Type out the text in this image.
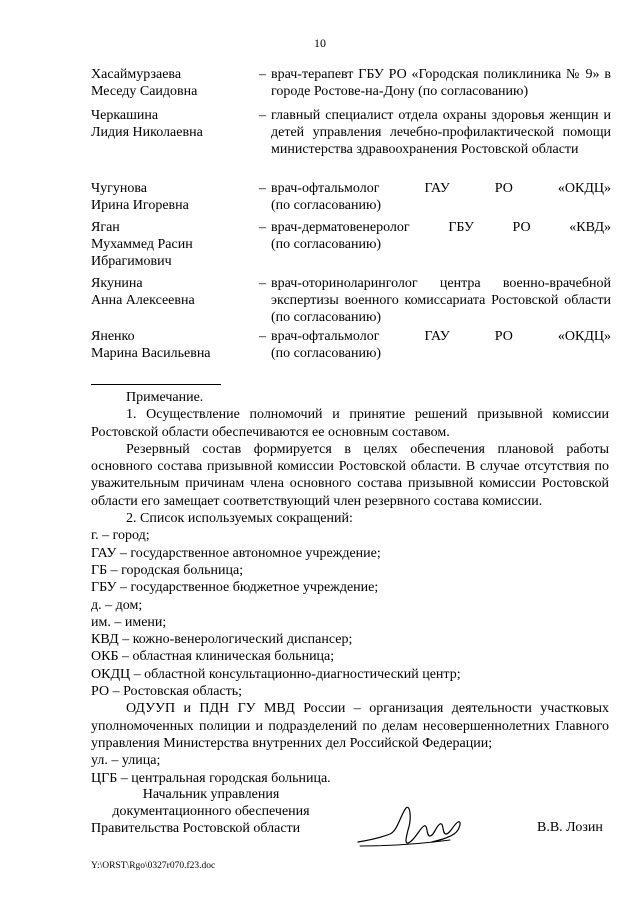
10
Хасаймурзаева
Меседу Саидовна
– врач-терапевт ГБУ РО «Городская поликлиника № 9» в городе Ростове-на-Дону (по согласованию)
Черкашина
Лидия Николаевна
– главный специалист отдела охраны здоровья женщин и детей управления лечебно-профилактической помощи министерства здравоохранения Ростовской области
Чугунова
Ирина Игоревна
– врач-офтальмолог ГАУ РО «ОКДЦ»
(по согласованию)
Яган
Мухаммед Расин
Ибрагимович
– врач-дерматовенеролог ГБУ РО «КВД»
(по согласованию)
Якунина
Анна Алексеевна
– врач-оториноларинголог центра военно-врачебной экспертизы военного комиссариата Ростовской области (по согласованию)
Яненко
Марина Васильевна
– врач-офтальмолог ГАУ РО «ОКДЦ»
(по согласованию)

Примечание.

1. Осуществление полномочий и принятие решений призывной комиссии Ростовской области обеспечиваются ее основным составом.

Резервный состав формируется в целях обеспечения плановой работы основного состава призывной комиссии Ростовской области. В случае отсутствия по уважительным причинам члена основного состава призывной комиссии Ростовской области его замещает соответствующий член резервного состава комиссии.

2. Список используемых сокращений:

г. – город;

ГАУ – государственное автономное учреждение;

ГБ – городская больница;

ГБУ – государственное бюджетное учреждение;

д. – дом;

им. – имени;

КВД – кожно-венерологический диспансер;

ОКБ – областная клиническая больница;

ОКДЦ – областной консультационно-диагностический центр;

РО – Ростовская область;

ОДУУП и ПДН ГУ МВД России – организация деятельности участковых уполномоченных полиции и подразделений по делам несовершеннолетних Главного управления Министерства внутренних дел Российской Федерации;

ул. – улица;

ЦГБ – центральная городская больница.

Начальник управления
документационного обеспечения
Правительства Ростовской области	В.В. Лозин
Y:\ORST\Rgo\0327r070.f23.doc
